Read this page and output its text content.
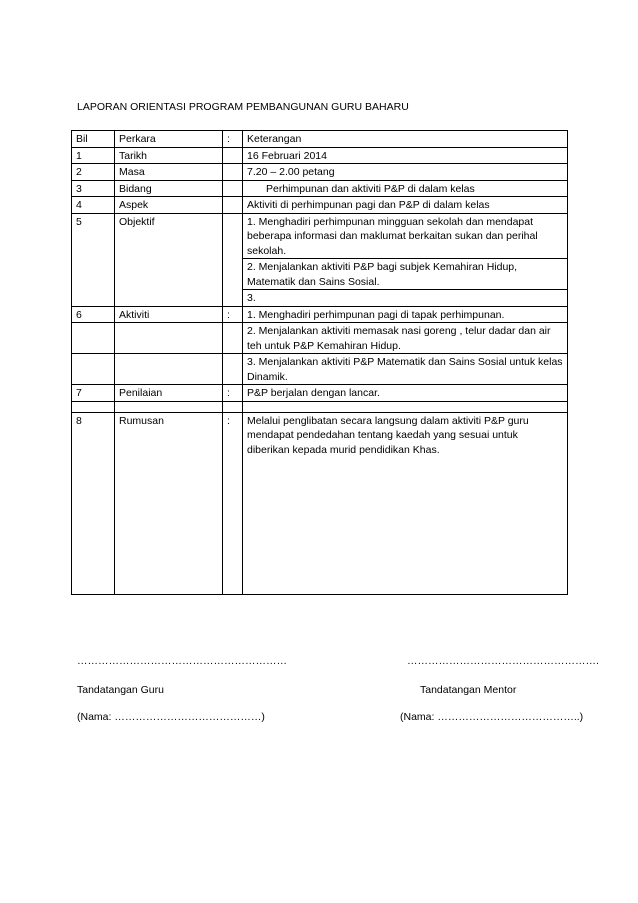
LAPORAN ORIENTASI PROGRAM PEMBANGUNAN GURU BAHARU
Bil	Perkara	:	Keterangan
1	Tarikh		16 Februari 2014
2	Masa		7.20 – 2.00 petang
3	Bidang		Perhimpunan dan aktiviti P&P di dalam kelas
4	Aspek		Aktiviti di perhimpunan pagi dan P&P di dalam kelas
5	Objektif		1. Menghadiri perhimpunan mingguan sekolah dan mendapat beberapa informasi dan maklumat berkaitan sukan dan perihal sekolah.
			2. Menjalankan aktiviti P&P bagi subjek Kemahiran Hidup, Matematik dan Sains Sosial.
			3.
6	Aktiviti	:	1. Menghadiri perhimpunan pagi di tapak perhimpunan.
			2. Menjalankan aktiviti memasak nasi goreng , telur dadar dan air teh untuk P&P Kemahiran Hidup.
			3. Menjalankan aktiviti P&P Matematik dan Sains Sosial untuk kelas Dinamik.
7	Penilaian	:	P&P berjalan dengan lancar.

8	Rumusan	:	Melalui penglibatan secara langsung dalam aktiviti P&P guru mendapat pendedahan tentang kaedah yang sesuai untuk diberikan kepada murid pendidikan Khas.
……………………………………………………	……………………………………………….
Tandatangan Guru	Tandatangan Mentor
(Nama: ……………………………………)	(Nama: …………………………………..)
